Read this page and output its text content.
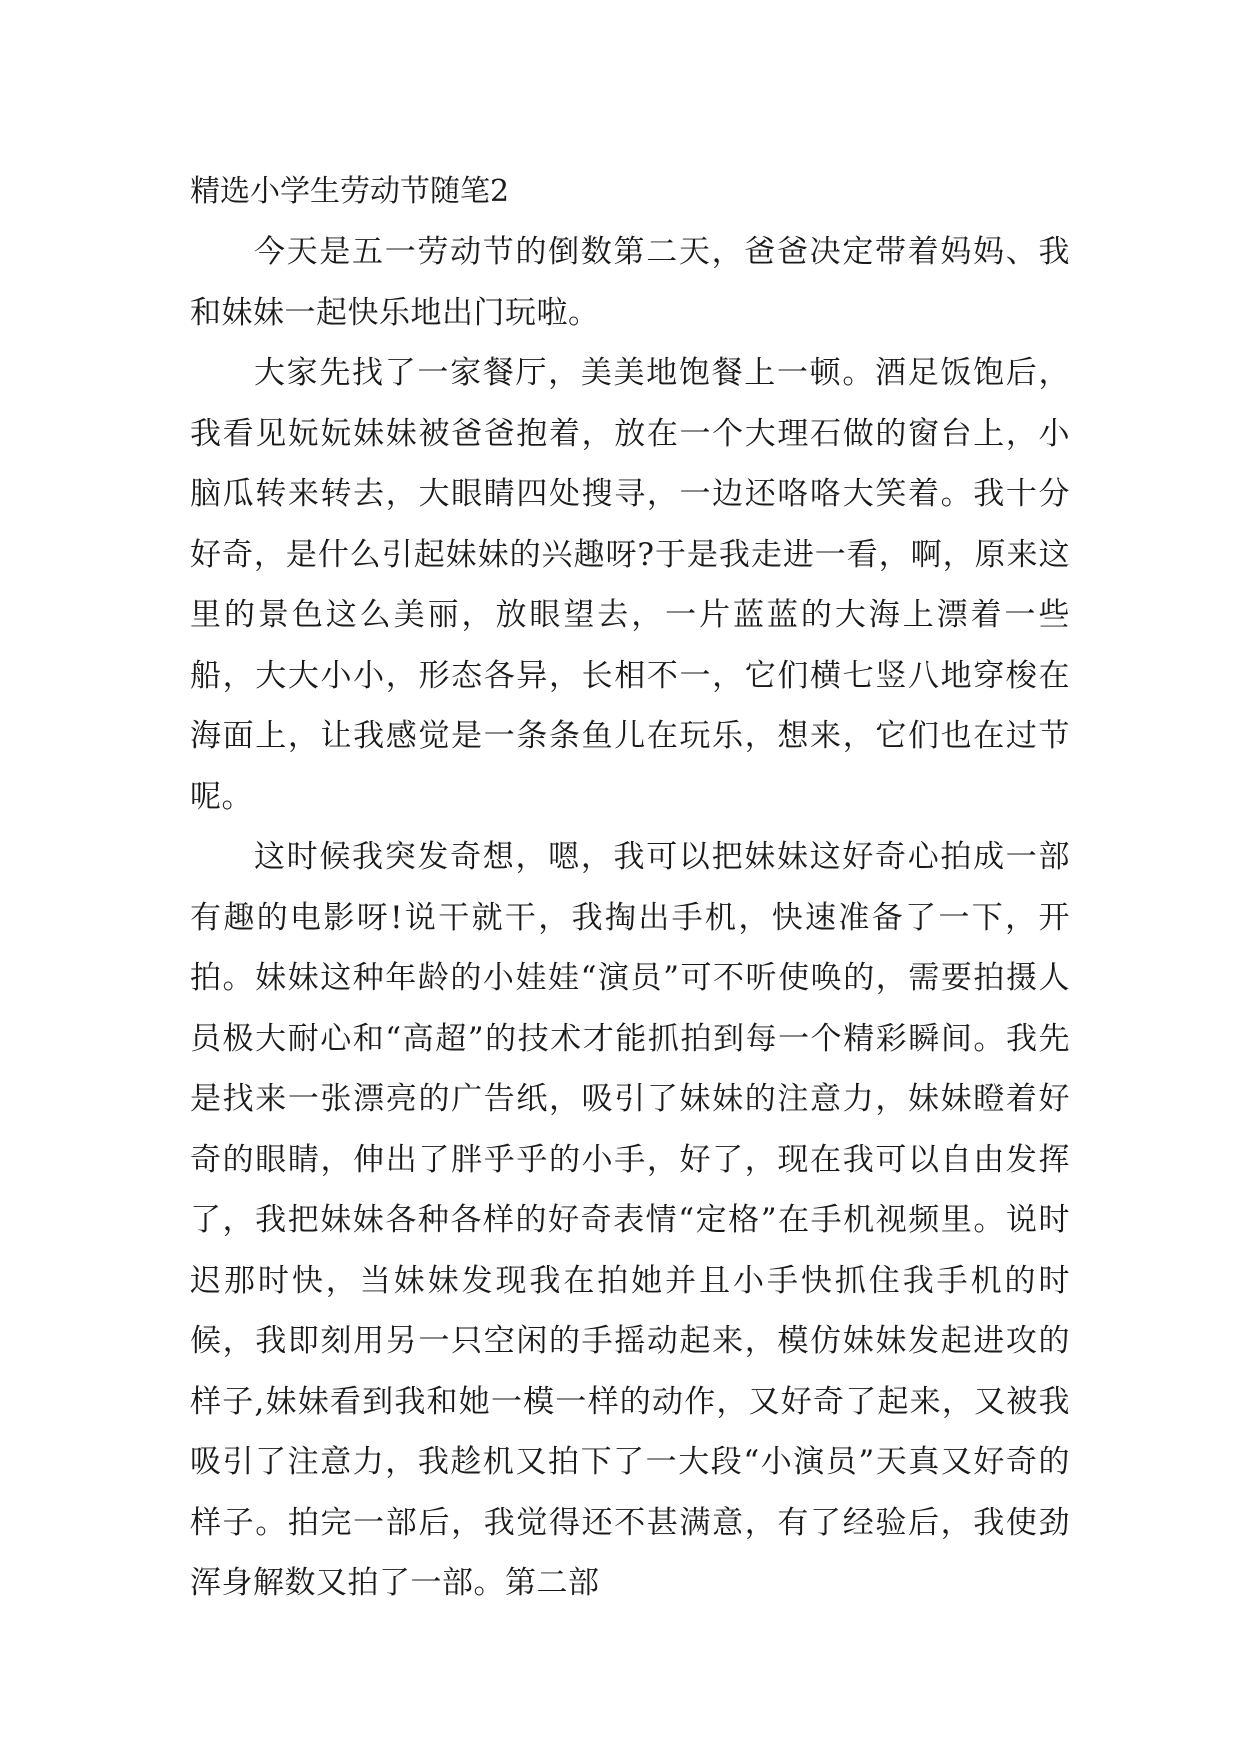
精选小学生劳动节随笔2

今天是五一劳动节的倒数第二天，爸爸决定带着妈妈、我和妹妹一起快乐地出门玩啦。

大家先找了一家餐厅，美美地饱餐上一顿。酒足饭饱后，我看见妧妧妹妹被爸爸抱着，放在一个大理石做的窗台上，小脑瓜转来转去，大眼睛四处搜寻，一边还咯咯大笑着。我十分好奇，是什么引起妹妹的兴趣呀?于是我走进一看，啊，原来这里的景色这么美丽，放眼望去，一片蓝蓝的大海上漂着一些船，大大小小，形态各异，长相不一，它们横七竖八地穿梭在海面上，让我感觉是一条条鱼儿在玩乐，想来，它们也在过节呢。

这时候我突发奇想，嗯，我可以把妹妹这好奇心拍成一部有趣的电影呀!说干就干，我掏出手机，快速准备了一下，开拍。妹妹这种年龄的小娃娃“演员”可不听使唤的，需要拍摄人员极大耐心和“高超”的技术才能抓拍到每一个精彩瞬间。我先是找来一张漂亮的广告纸，吸引了妹妹的注意力，妹妹瞪着好奇的眼睛，伸出了胖乎乎的小手，好了，现在我可以自由发挥了，我把妹妹各种各样的好奇表情“定格”在手机视频里。说时迟那时快，当妹妹发现我在拍她并且小手快抓住我手机的时候，我即刻用另一只空闲的手摇动起来，模仿妹妹发起进攻的样子,妹妹看到我和她一模一样的动作，又好奇了起来，又被我吸引了注意力，我趁机又拍下了一大段“小演员”天真又好奇的样子。拍完一部后，我觉得还不甚满意，有了经验后，我使劲浑身解数又拍了一部。第二部
